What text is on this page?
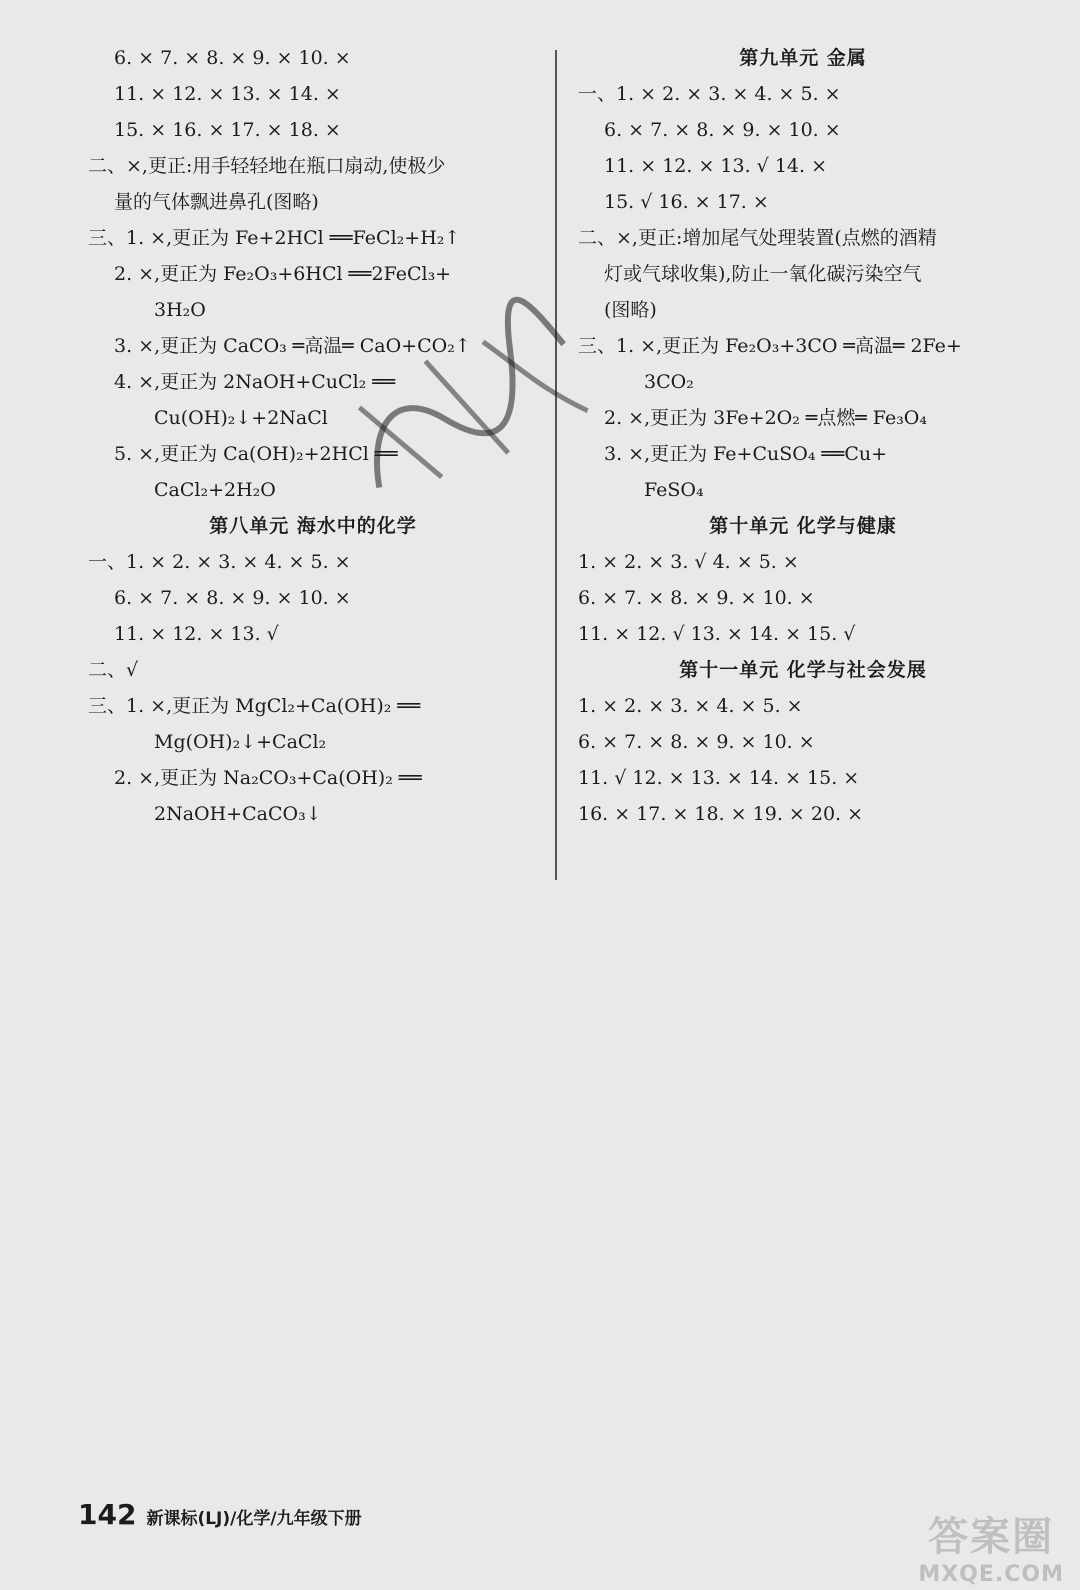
6. × 7. × 8. × 9. × 10. ×
11. × 12. × 13. × 14. ×
15. × 16. × 17. × 18. ×
二、×,更正:用手轻轻地在瓶口扇动,使极少
量的气体飘进鼻孔(图略)
三、1. ×,更正为 Fe+2HCl ══FeCl₂+H₂↑
2. ×,更正为 Fe₂O₃+6HCl ══2FeCl₃+
3H₂O
3. ×,更正为 CaCO₃ ═高温═ CaO+CO₂↑
4. ×,更正为 2NaOH+CuCl₂ ══
Cu(OH)₂↓+2NaCl
5. ×,更正为 Ca(OH)₂+2HCl ══
CaCl₂+2H₂O
第八单元 海水中的化学
一、1. × 2. × 3. × 4. × 5. ×
6. × 7. × 8. × 9. × 10. ×
11. × 12. × 13. √
二、√
三、1. ×,更正为 MgCl₂+Ca(OH)₂ ══
Mg(OH)₂↓+CaCl₂
2. ×,更正为 Na₂CO₃+Ca(OH)₂ ══
2NaOH+CaCO₃↓
第九单元 金属
一、1. × 2. × 3. × 4. × 5. ×
6. × 7. × 8. × 9. × 10. ×
11. × 12. × 13. √ 14. ×
15. √ 16. × 17. ×
二、×,更正:增加尾气处理装置(点燃的酒精
灯或气球收集),防止一氧化碳污染空气
(图略)
三、1. ×,更正为 Fe₂O₃+3CO ═高温═ 2Fe+
3CO₂
2. ×,更正为 3Fe+2O₂ ═点燃═ Fe₃O₄
3. ×,更正为 Fe+CuSO₄ ══Cu+
FeSO₄
第十单元 化学与健康
1. × 2. × 3. √ 4. × 5. ×
6. × 7. × 8. × 9. × 10. ×
11. × 12. √ 13. × 14. × 15. √
第十一单元 化学与社会发展
1. × 2. × 3. × 4. × 5. ×
6. × 7. × 8. × 9. × 10. ×
11. √ 12. × 13. × 14. × 15. ×
16. × 17. × 18. × 19. × 20. ×
142 新课标(LJ)/化学/九年级下册	答案圈
MXQE.COM
